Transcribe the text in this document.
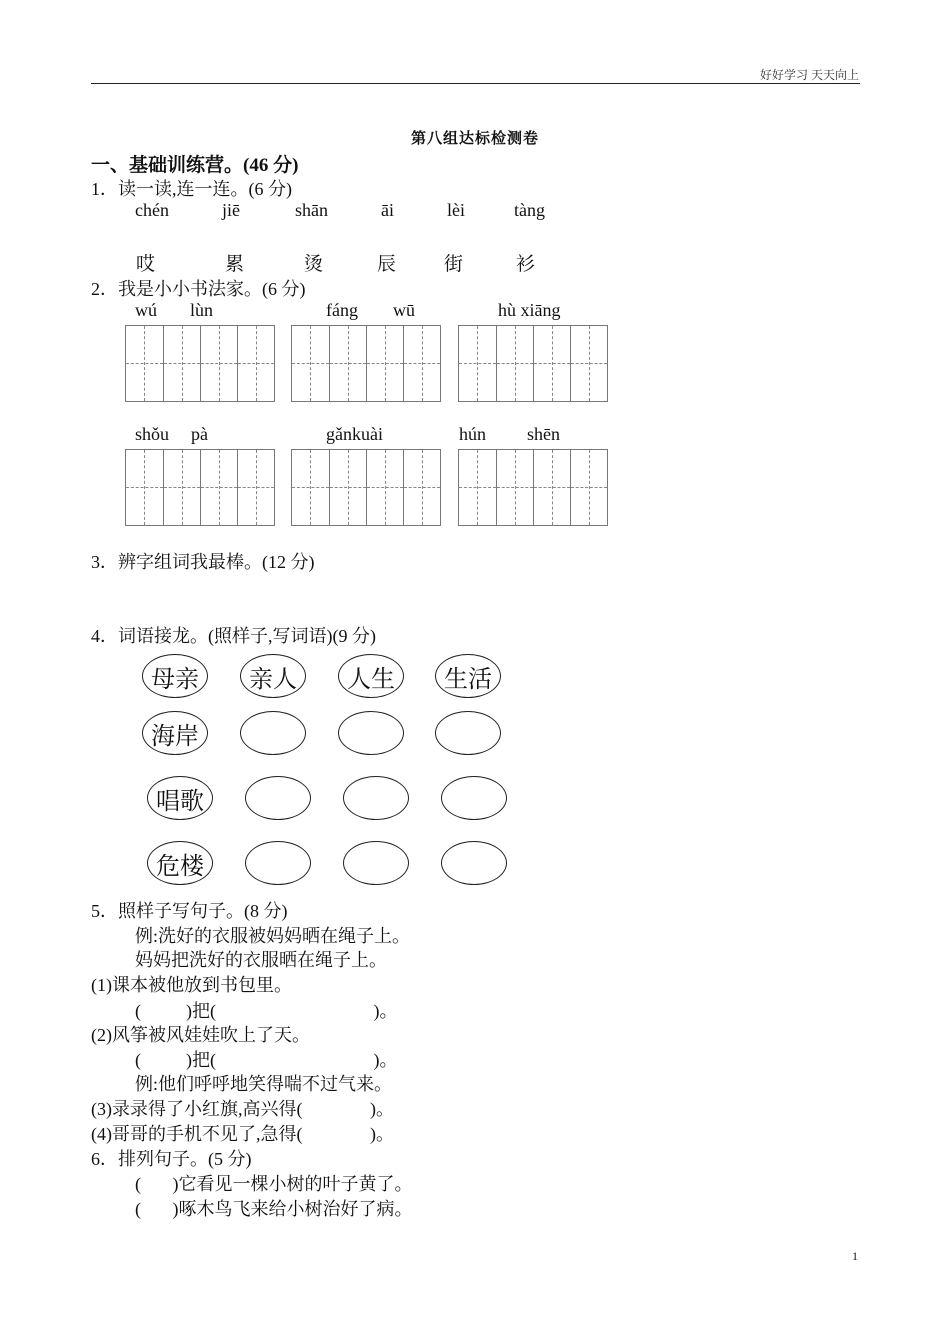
好好学习 天天向上
第八组达标检测卷
一、基础训练营。(46 分)
1．读一读,连一连。(6 分)
chén	jiē	shān	āi	lèi	tàng
哎	累	烫	辰	街	衫
2．我是小小书法家。(6 分)
wú lùn	fáng wū	hù xiāng
shǒu pà	gǎnkuài	hún shēn
3．辨字组词我最棒。(12 分)
4．词语接龙。(照样子,写词语)(9 分)
母亲	亲人	人生	生活
海岸
唱歌
危楼
5．照样子写句子。(8 分)
例:洗好的衣服被妈妈晒在绳子上。
妈妈把洗好的衣服晒在绳子上。
(1)课本被他放到书包里。
(          )把(                                   )。
(2)风筝被风娃娃吹上了天。
(          )把(                                   )。
例:他们呼呼地笑得喘不过气来。
(3)录录得了小红旗,高兴得(               )。
(4)哥哥的手机不见了,急得(               )。
6．排列句子。(5 分)
(       )它看见一棵小树的叶子黄了。
(       )啄木鸟飞来给小树治好了病。
1
